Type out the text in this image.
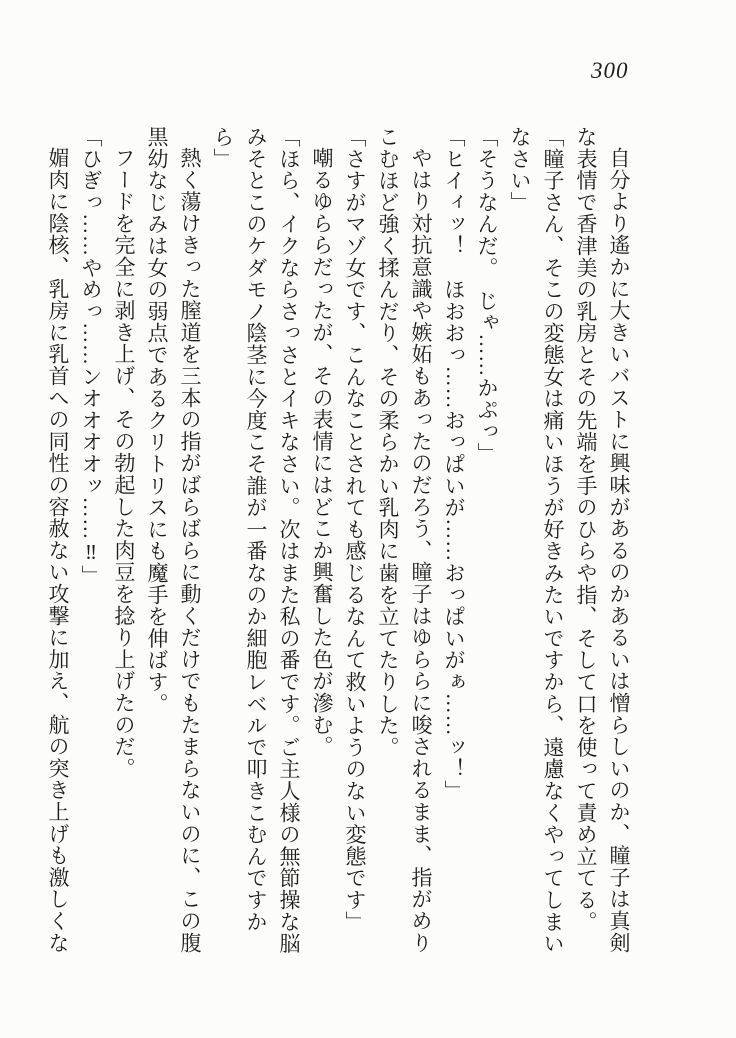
300

自分より遙かに大きいバストに興味があるのかあるいは憎らしいのか、瞳子は真剣な表情で香津美の乳房とその先端を手のひらや指、そして口を使って責め立てる。

「瞳子さん、そこの変態女は痛いほうが好きみたいですから、遠慮なくやってしまいなさい」

「そうなんだ。　じゃ……かぷっ」

「ヒイィッ！　ほおおっ……おっぱいが……おっぱいがぁ……ッ！」

やはり対抗意識や嫉妬もあったのだろう、瞳子はゆららに唆されるまま、指がめりこむほど強く揉んだり、その柔らかい乳肉に歯を立てたりした。

「さすがマゾ女です、こんなことされても感じるなんて救いようのない変態です」

嘲るゆららだったが、その表情にはどこか興奮した色が滲む。

「ほら、イクならさっさとイキなさい。次はまた私の番です。ご主人様の無節操な脳みそとこのケダモノ陰茎に今度こそ誰が一番なのか細胞レベルで叩きこむんですから」

熱く蕩けきった膣道を三本の指がばらばらに動くだけでもたまらないのに、この腹黒幼なじみは女の弱点であるクリトリスにも魔手を伸ばす。

フードを完全に剥き上げ、その勃起した肉豆を捻り上げたのだ。

「ひぎっ……やめっ……ンオオオオッ……‼」

媚肉に陰核、乳房に乳首への同性の容赦ない攻撃に加え、航の突き上げも激しくな
